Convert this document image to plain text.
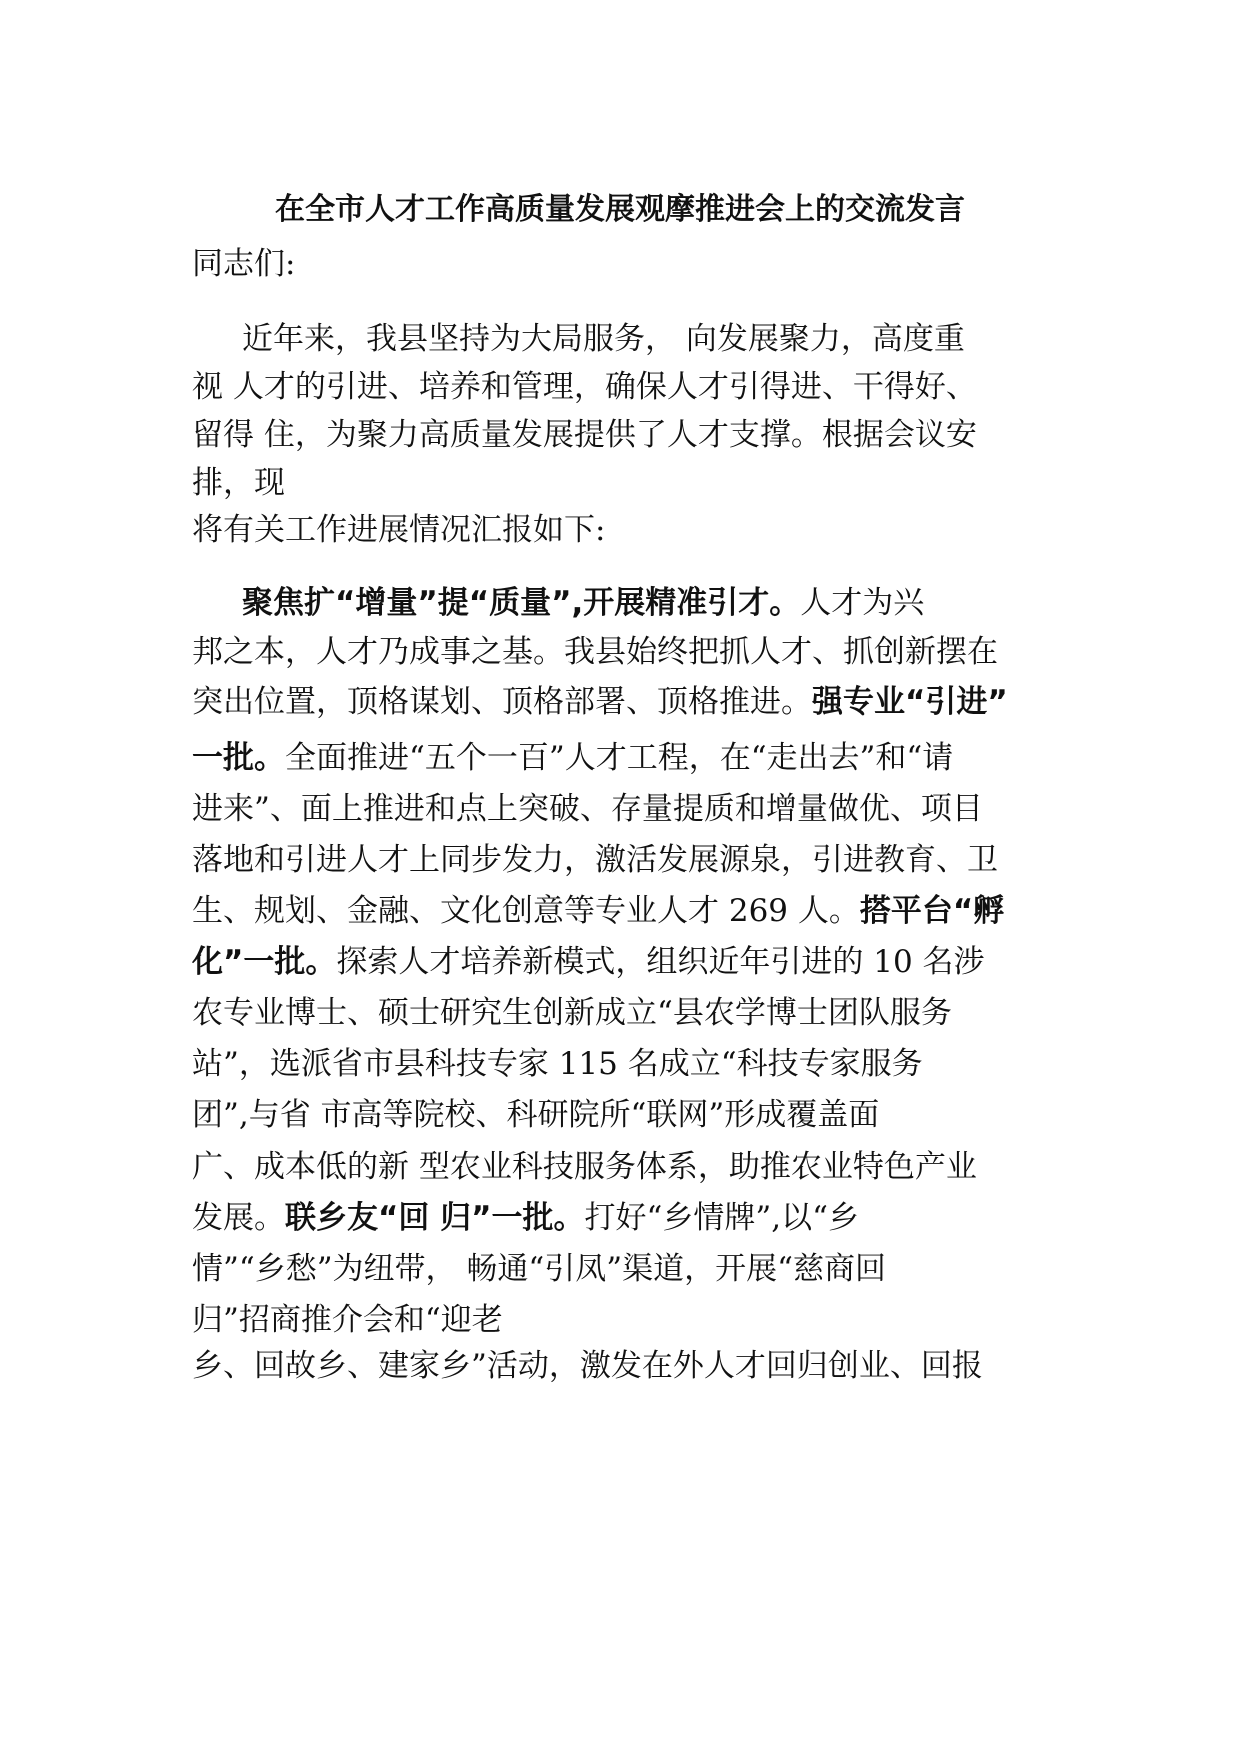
在全市人才工作高质量发展观摩推进会上的交流发言

同志们:

近年来，我县坚持为大局服务， 向发展聚力，高度重

视 人才的引进、培养和管理，确保人才引得进、干得好、

留得 住，为聚力高质量发展提供了人才支撑。根据会议安

排，现

将有关工作进展情况汇报如下:

聚焦扩“增量”提“质量”,开展精准引才。人才为兴

邦之本，人才乃成事之基。我县始终把抓人才、抓创新摆在

突出位置，顶格谋划、顶格部署、顶格推进。强专业“引进”

一批。全面推进“五个一百”人才工程，在“走出去”和“请

进来”、面上推进和点上突破、存量提质和增量做优、项目

落地和引进人才上同步发力，激活发展源泉，引进教育、卫

生、规划、金融、文化创意等专业人才 269 人。搭平台“孵

化”一批。探索人才培养新模式，组织近年引进的 10 名涉

农专业博士、硕士研究生创新成立“县农学博士团队服务

站”，选派省市县科技专家 115 名成立“科技专家服务

团”,与省 市高等院校、科研院所“联网”形成覆盖面

广、成本低的新 型农业科技服务体系，助推农业特色产业

发展。联乡友“回 归”一批。打好“乡情牌”,以“乡

情”“乡愁”为纽带， 畅通“引凤”渠道，开展“慈商回

归”招商推介会和“迎老

乡、回故乡、建家乡”活动，激发在外人才回归创业、回报
